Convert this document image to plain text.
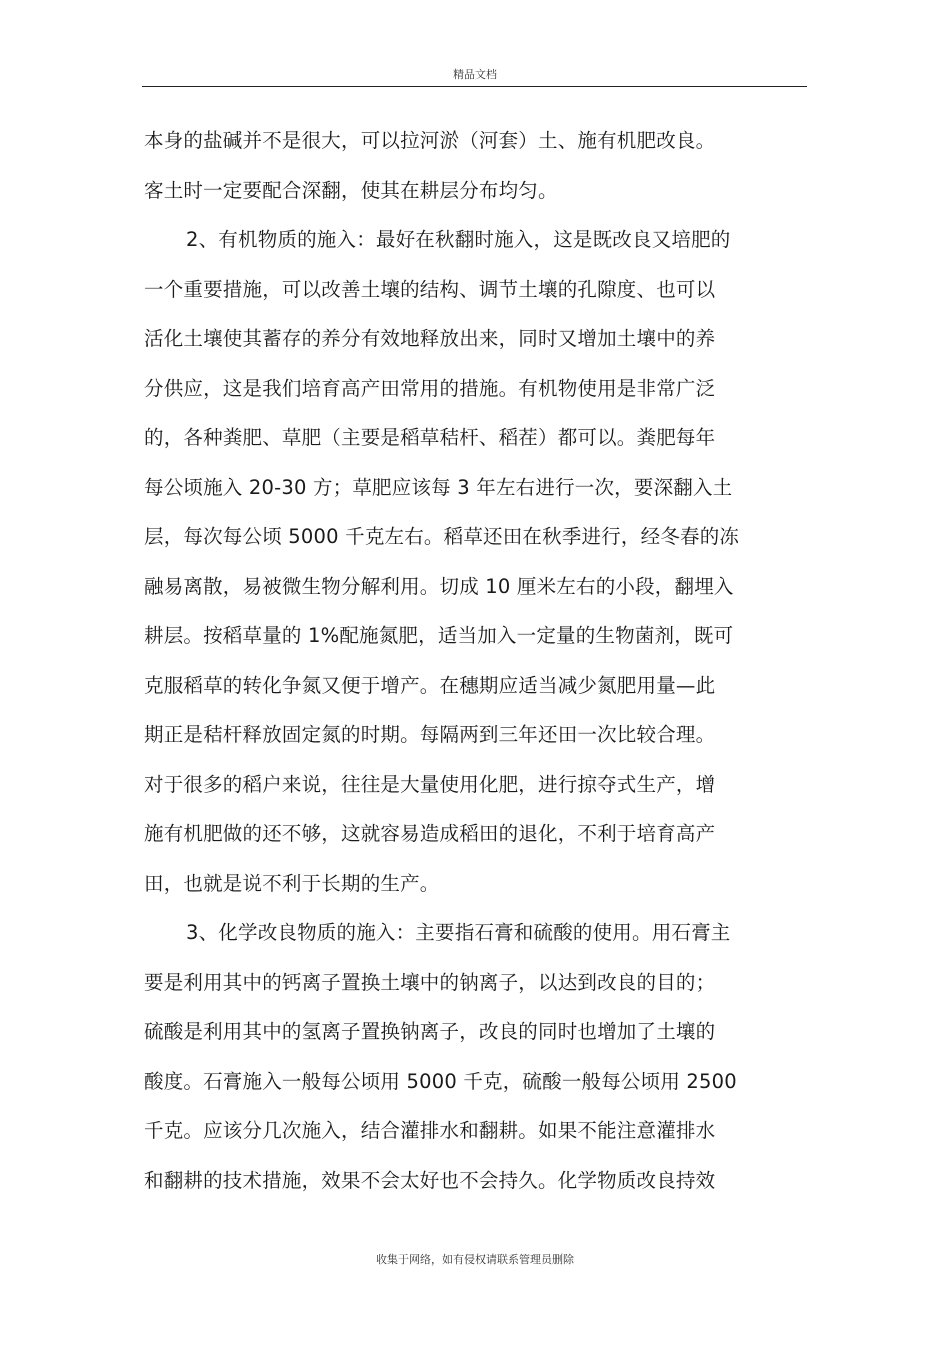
精品文档
本身的盐碱并不是很大，可以拉河淤（河套）土、施有机肥改良。
客土时一定要配合深翻，使其在耕层分布均匀。
2、有机物质的施入：最好在秋翻时施入，这是既改良又培肥的
一个重要措施，可以改善土壤的结构、调节土壤的孔隙度、也可以
活化土壤使其蓄存的养分有效地释放出来，同时又增加土壤中的养
分供应，这是我们培育高产田常用的措施。有机物使用是非常广泛
的，各种粪肥、草肥（主要是稻草秸杆、稻茬）都可以。粪肥每年
每公顷施入 20-30 方；草肥应该每 3 年左右进行一次，要深翻入土
层，每次每公顷 5000 千克左右。稻草还田在秋季进行，经冬春的冻
融易离散，易被微生物分解利用。切成 10 厘米左右的小段，翻埋入
耕层。按稻草量的 1%配施氮肥，适当加入一定量的生物菌剂，既可
克服稻草的转化争氮又便于增产。在穗期应适当减少氮肥用量—此
期正是秸杆释放固定氮的时期。每隔两到三年还田一次比较合理。
对于很多的稻户来说，往往是大量使用化肥，进行掠夺式生产，增
施有机肥做的还不够，这就容易造成稻田的退化，不利于培育高产
田，也就是说不利于长期的生产。
3、化学改良物质的施入：主要指石膏和硫酸的使用。用石膏主
要是利用其中的钙离子置换土壤中的钠离子，以达到改良的目的；
硫酸是利用其中的氢离子置换钠离子，改良的同时也增加了土壤的
酸度。石膏施入一般每公顷用 5000 千克，硫酸一般每公顷用 2500
千克。应该分几次施入，结合灌排水和翻耕。如果不能注意灌排水
和翻耕的技术措施，效果不会太好也不会持久。化学物质改良持效
收集于网络，如有侵权请联系管理员删除
